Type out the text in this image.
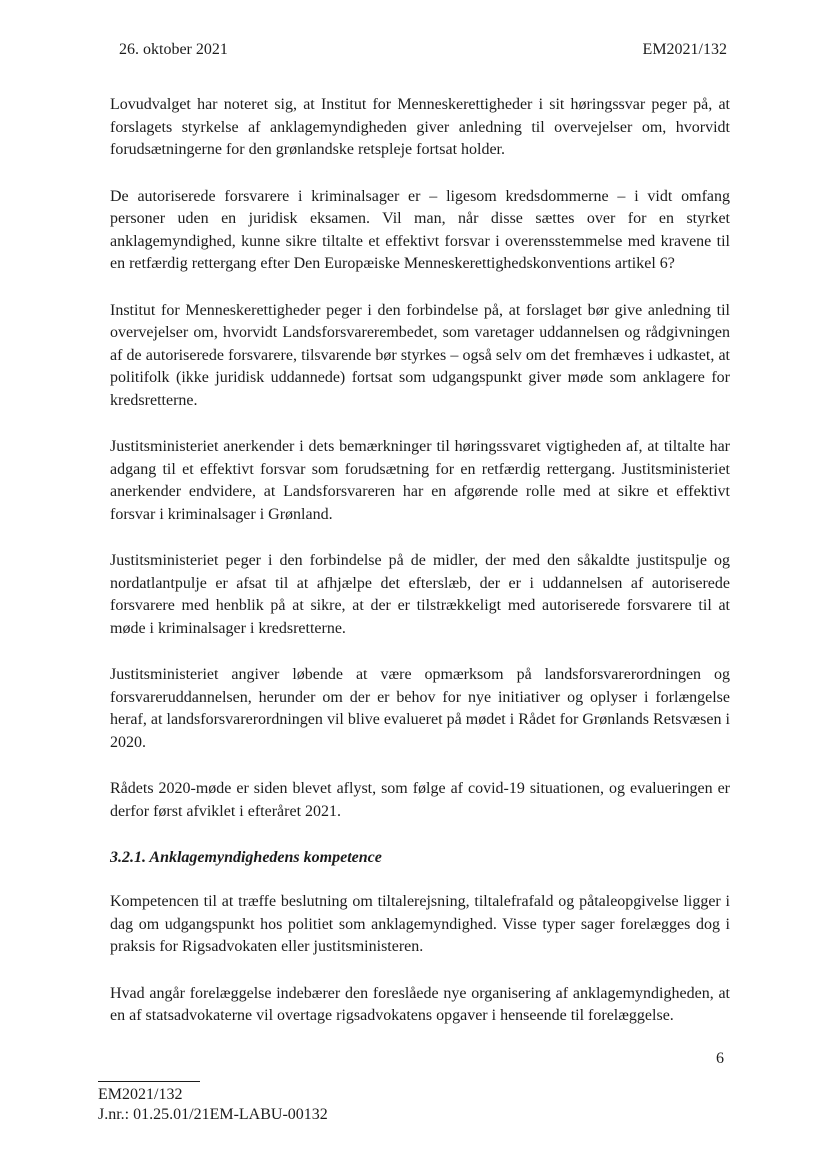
26. oktober 2021	EM2021/132

Lovudvalget har noteret sig, at Institut for Menneskerettigheder i sit høringssvar peger på, at forslagets styrkelse af anklagemyndigheden giver anledning til overvejelser om, hvorvidt forudsætningerne for den grønlandske retspleje fortsat holder.

De autoriserede forsvarere i kriminalsager er – ligesom kredsdommerne – i vidt omfang personer uden en juridisk eksamen. Vil man, når disse sættes over for en styrket anklagemyndighed, kunne sikre tiltalte et effektivt forsvar i overensstemmelse med kravene til en retfærdig rettergang efter Den Europæiske Menneskerettighedskonventions artikel 6?

Institut for Menneskerettigheder peger i den forbindelse på, at forslaget bør give anledning til overvejelser om, hvorvidt Landsforsvarerembedet, som varetager uddannelsen og rådgivningen af de autoriserede forsvarere, tilsvarende bør styrkes – også selv om det fremhæves i udkastet, at politifolk (ikke juridisk uddannede) fortsat som udgangspunkt giver møde som anklagere for kredsretterne.

Justitsministeriet anerkender i dets bemærkninger til høringssvaret vigtigheden af, at tiltalte har adgang til et effektivt forsvar som forudsætning for en retfærdig rettergang. Justitsministeriet anerkender endvidere, at Landsforsvareren har en afgørende rolle med at sikre et effektivt forsvar i kriminalsager i Grønland.

Justitsministeriet peger i den forbindelse på de midler, der med den såkaldte justitspulje og nordatlantpulje er afsat til at afhjælpe det efterslæb, der er i uddannelsen af autoriserede forsvarere med henblik på at sikre, at der er tilstrækkeligt med autoriserede forsvarere til at møde i kriminalsager i kredsretterne.

Justitsministeriet angiver løbende at være opmærksom på landsforsvarerordningen og forsvareruddannelsen, herunder om der er behov for nye initiativer og oplyser i forlængelse heraf, at landsforsvarerordningen vil blive evalueret på mødet i Rådet for Grønlands Retsvæsen i 2020.

Rådets 2020-møde er siden blevet aflyst, som følge af covid-19 situationen, og evalueringen er derfor først afviklet i efteråret 2021.

3.2.1. Anklagemyndighedens kompetence

Kompetencen til at træffe beslutning om tiltalerejsning, tiltalefrafald og påtaleopgivelse ligger i dag om udgangspunkt hos politiet som anklagemyndighed. Visse typer sager forelægges dog i praksis for Rigsadvokaten eller justitsministeren.

Hvad angår forelæggelse indebærer den foreslåede nye organisering af anklagemyndigheden, at en af statsadvokaterne vil overtage rigsadvokatens opgaver i henseende til forelæggelse.

6
EM2021/132
J.nr.: 01.25.01/21EM-LABU-00132
